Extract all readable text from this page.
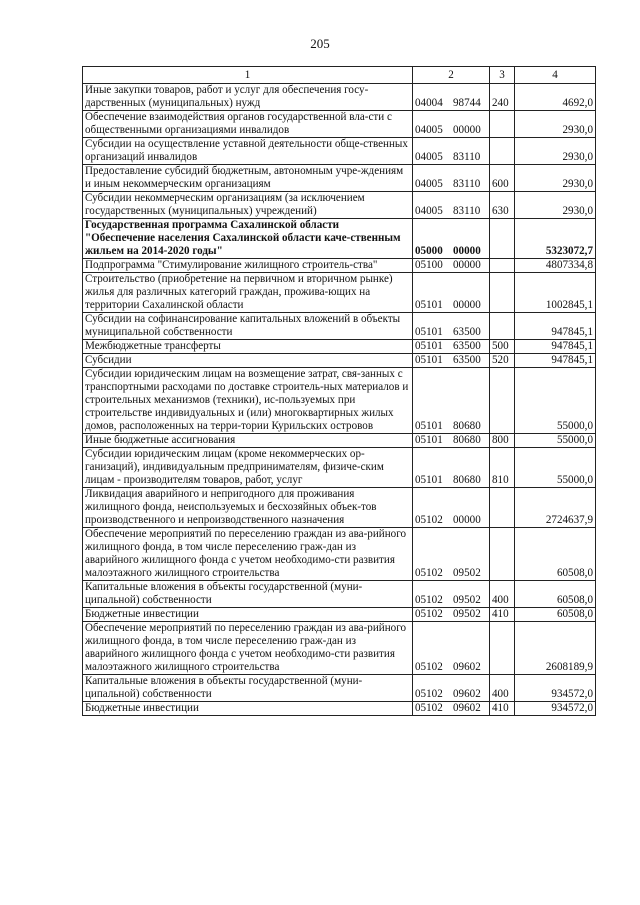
205
1	2	3	4
Иные закупки товаров, работ и услуг для обеспечения госу-дарственных (муниципальных) нужд	04004 98744	240	4692,0
Обеспечение взаимодействия органов государственной вла-сти с общественными организациями инвалидов	04005 00000		2930,0
Субсидии на осуществление уставной деятельности обще-ственных организаций инвалидов	04005 83110		2930,0
Предоставление субсидий бюджетным, автономным учре-ждениям и иным некоммерческим организациям	04005 83110	600	2930,0
Субсидии некоммерческим организациям (за исключением государственных (муниципальных) учреждений)	04005 83110	630	2930,0
Государственная программа Сахалинской области "Обеспечение населения Сахалинской области каче-ственным жильем на 2014-2020 годы"	05000 00000		5323072,7
Подпрограмма "Стимулирование жилищного строитель-ства"	05100 00000		4807334,8
Строительство (приобретение на первичном и вторичном рынке) жилья для различных категорий граждан, прожива-ющих на территории Сахалинской области	05101 00000		1002845,1
Субсидии на софинансирование капитальных вложений в объекты муниципальной собственности	05101 63500		947845,1
Межбюджетные трансферты	05101 63500	500	947845,1
Субсидии	05101 63500	520	947845,1
Субсидии юридическим лицам на возмещение затрат, свя-занных с транспортными расходами по доставке строитель-ных материалов и строительных механизмов (техники), ис-пользуемых при строительстве индивидуальных и (или) многоквартирных жилых домов, расположенных на терри-тории Курильских островов	05101 80680		55000,0
Иные бюджетные ассигнования	05101 80680	800	55000,0
Субсидии юридическим лицам (кроме некоммерческих ор-ганизаций), индивидуальным предпринимателям, физиче-ским лицам - производителям товаров, работ, услуг	05101 80680	810	55000,0
Ликвидация аварийного и непригодного для проживания жилищного фонда, неиспользуемых и бесхозяйных объек-тов производственного и непроизводственного назначения	05102 00000		2724637,9
Обеспечение мероприятий по переселению граждан из ава-рийного жилищного фонда, в том числе переселению граж-дан из аварийного жилищного фонда с учетом необходимо-сти развития малоэтажного жилищного строительства	05102 09502		60508,0
Капитальные вложения в объекты государственной (муни-ципальной) собственности	05102 09502	400	60508,0
Бюджетные инвестиции	05102 09502	410	60508,0
Обеспечение мероприятий по переселению граждан из ава-рийного жилищного фонда, в том числе переселению граж-дан из аварийного жилищного фонда с учетом необходимо-сти развития малоэтажного жилищного строительства	05102 09602		2608189,9
Капитальные вложения в объекты государственной (муни-ципальной) собственности	05102 09602	400	934572,0
Бюджетные инвестиции	05102 09602	410	934572,0
